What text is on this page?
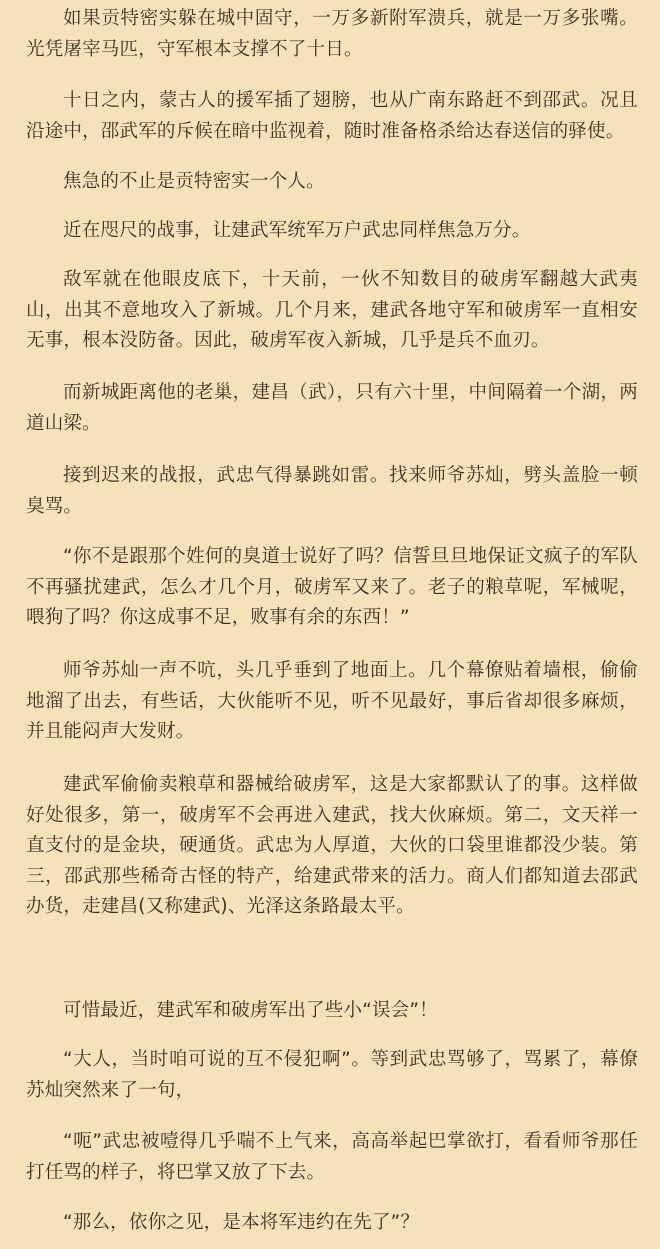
如果贡特密实躲在城中固守，一万多新附军溃兵，就是一万多张嘴。光凭屠宰马匹，守军根本支撑不了十日。

十日之内，蒙古人的援军插了翅膀，也从广南东路赶不到邵武。况且沿途中，邵武军的斥候在暗中监视着，随时准备格杀给达春送信的驿使。

焦急的不止是贡特密实一个人。

近在咫尺的战事，让建武军统军万户武忠同样焦急万分。

敌军就在他眼皮底下，十天前，一伙不知数目的破虏军翻越大武夷山，出其不意地攻入了新城。几个月来，建武各地守军和破虏军一直相安无事，根本没防备。因此，破虏军夜入新城，几乎是兵不血刃。

而新城距离他的老巢，建昌（武），只有六十里，中间隔着一个湖，两道山梁。

接到迟来的战报，武忠气得暴跳如雷。找来师爷苏灿，劈头盖脸一顿臭骂。

“你不是跟那个姓何的臭道士说好了吗？信誓旦旦地保证文疯子的军队不再骚扰建武，怎么才几个月，破虏军又来了。老子的粮草呢，军械呢，喂狗了吗？你这成事不足，败事有余的东西！”

师爷苏灿一声不吭，头几乎垂到了地面上。几个幕僚贴着墙根，偷偷地溜了出去，有些话，大伙能听不见，听不见最好，事后省却很多麻烦，并且能闷声大发财。

建武军偷偷卖粮草和器械给破虏军，这是大家都默认了的事。这样做好处很多，第一，破虏军不会再进入建武，找大伙麻烦。第二，文天祥一直支付的是金块，硬通货。武忠为人厚道，大伙的口袋里谁都没少装。第三，邵武那些稀奇古怪的特产，给建武带来的活力。商人们都知道去邵武办货，走建昌(又称建武)、光泽这条路最太平。

可惜最近，建武军和破虏军出了些小“误会”！

“大人，当时咱可说的互不侵犯啊”。等到武忠骂够了，骂累了，幕僚苏灿突然来了一句，

“呃”武忠被噎得几乎喘不上气来，高高举起巴掌欲打，看看师爷那任打任骂的样子，将巴掌又放了下去。

“那么，依你之见，是本将军违约在先了”？
